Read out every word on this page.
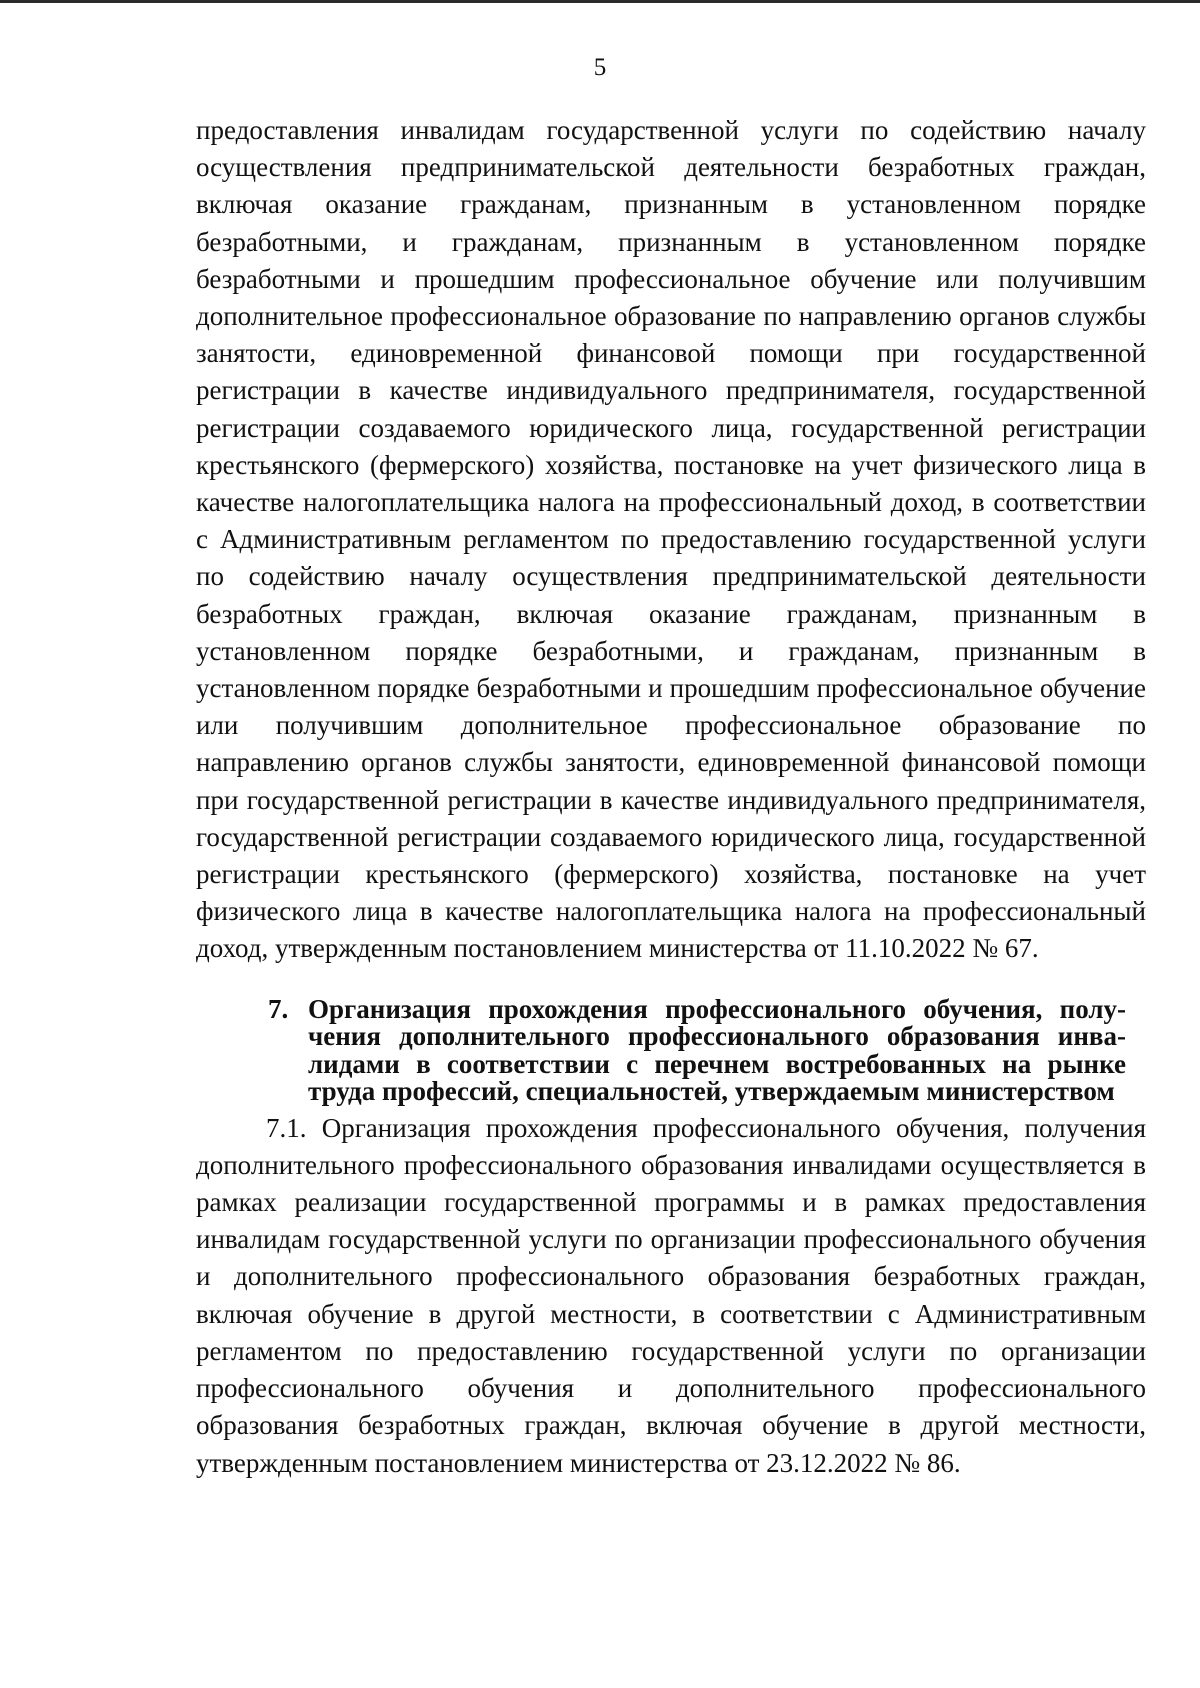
5

предоставления инвалидам государственной услуги по содействию началу осуществления предпринимательской деятельности безработных граждан, включая оказание гражданам, признанным в установленном порядке безработными, и гражданам, признанным в установленном порядке безработными и прошедшим профессиональное обучение или получившим дополнительное профессиональное образование по направлению органов службы занятости, единовременной финансовой помощи при государственной регистрации в качестве индивидуального предпринимателя, государственной регистрации создаваемого юридического лица, государственной регистрации крестьянского (фермерского) хозяйства, постановке на учет физического лица в качестве налогоплательщика налога на профессиональный доход, в соответствии с Административным регламентом по предоставлению государственной услуги по содействию началу осуществления предпринимательской деятельности безработных граждан, включая оказание гражданам, признанным в установленном порядке безработными, и гражданам, признанным в установленном порядке безработными и прошедшим профессиональное обучение или получившим дополнительное профессиональное образование по направлению органов службы занятости, единовременной финансовой помощи при государственной регистрации в качестве индивидуального предпринимателя, государственной регистрации создаваемого юридического лица, государственной регистрации крестьянского (фермерского) хозяйства, постановке на учет физического лица в качестве налогоплательщика налога на профессиональный доход, утвержденным постановлением министерства от 11.10.2022 № 67.

7. Организация прохождения профессионального обучения, получения дополнительного профессионального образования инвалидами в соответствии с перечнем востребованных на рынке труда профессий, специальностей, утверждаемым министерством

7.1. Организация прохождения профессионального обучения, получения дополнительного профессионального образования инвалидами осуществляется в рамках реализации государственной программы и в рамках предоставления инвалидам государственной услуги по организации профессионального обучения и дополнительного профессионального образования безработных граждан, включая обучение в другой местности, в соответствии с Административным регламентом по предоставлению государственной услуги по организации профессионального обучения и дополнительного профессионального образования безработных граждан, включая обучение в другой местности, утвержденным постановлением министерства от 23.12.2022 № 86.
